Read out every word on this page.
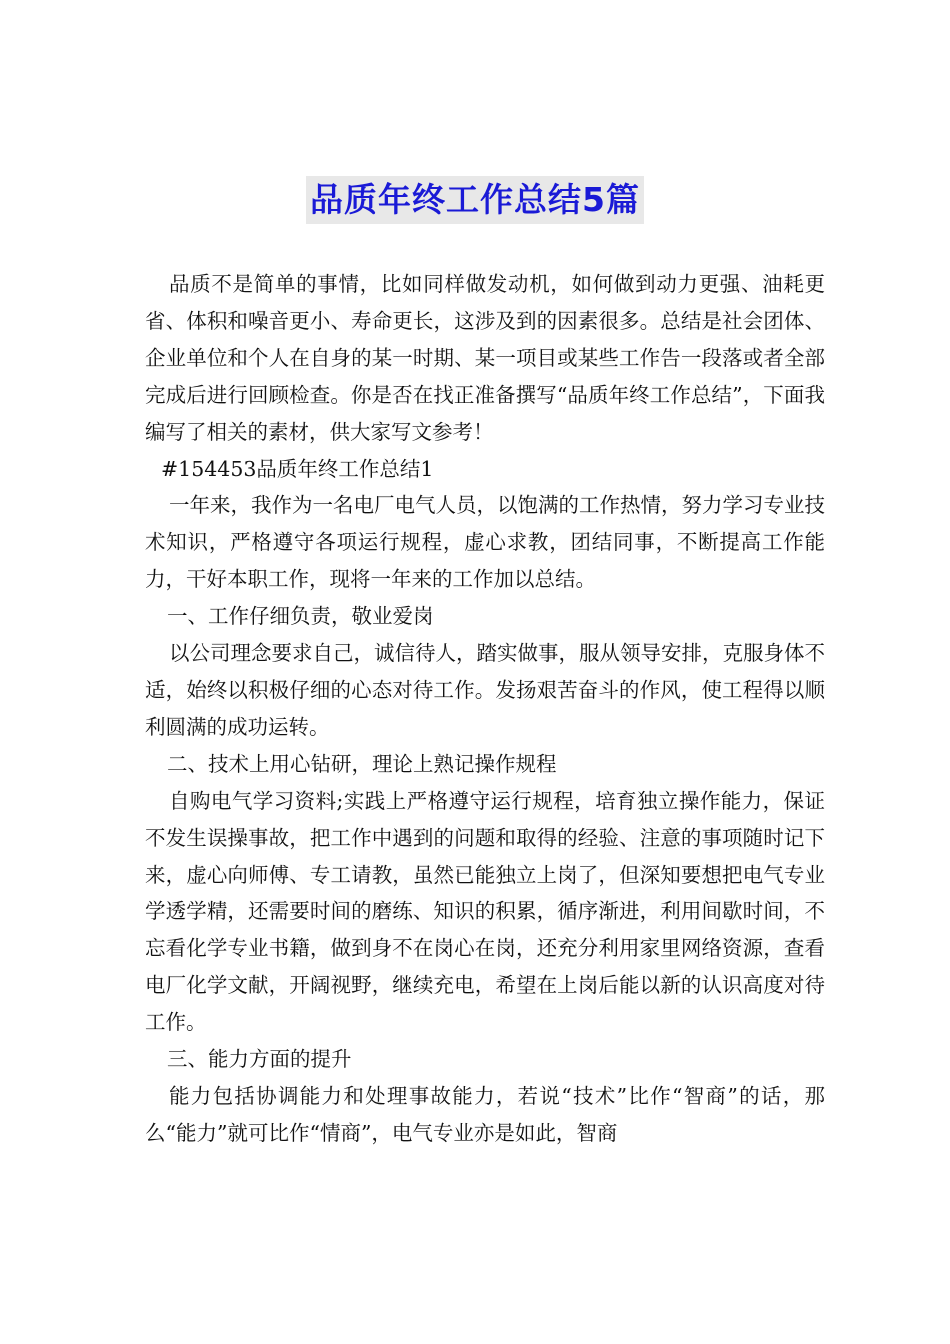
品质年终工作总结5篇

品质不是简单的事情，比如同样做发动机，如何做到动力更强、油耗更省、体积和噪音更小、寿命更长，这涉及到的因素很多。总结是社会团体、企业单位和个人在自身的某一时期、某一项目或某些工作告一段落或者全部完成后进行回顾检查。你是否在找正准备撰写“品质年终工作总结”，下面我编写了相关的素材，供大家写文参考！

#154453品质年终工作总结1

一年来，我作为一名电厂电气人员，以饱满的工作热情，努力学习专业技术知识，严格遵守各项运行规程，虚心求教，团结同事，不断提高工作能力，干好本职工作，现将一年来的工作加以总结。

一、工作仔细负责，敬业爱岗

以公司理念要求自己，诚信待人，踏实做事，服从领导安排，克服身体不适，始终以积极仔细的心态对待工作。发扬艰苦奋斗的作风，使工程得以顺利圆满的成功运转。

二、技术上用心钻研，理论上熟记操作规程

自购电气学习资料;实践上严格遵守运行规程，培育独立操作能力，保证不发生误操事故，把工作中遇到的问题和取得的经验、注意的事项随时记下来，虚心向师傅、专工请教，虽然已能独立上岗了，但深知要想把电气专业学透学精，还需要时间的磨练、知识的积累，循序渐进，利用间歇时间，不忘看化学专业书籍，做到身不在岗心在岗，还充分利用家里网络资源，查看电厂化学文献，开阔视野，继续充电，希望在上岗后能以新的认识高度对待工作。

三、能力方面的提升

能力包括协调能力和处理事故能力，若说“技术”比作“智商”的话，那么“能力”就可比作“情商”，电气专业亦是如此，智商
